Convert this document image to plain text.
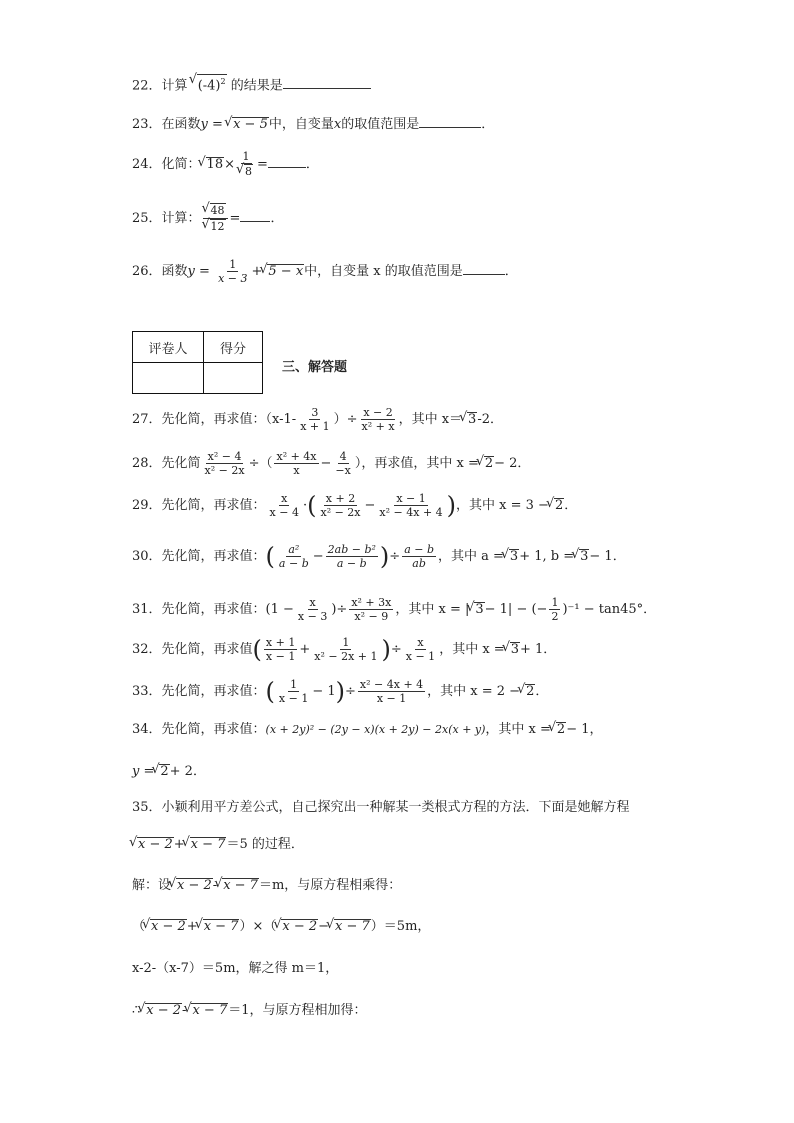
22．计算 √ $(-4)^2$ 的结果是
23．在函数y = √ x − 5中，自变量x的取值范围是	．
24．化简： √ 18× 1
√ 8 =	．
25．计算： √ 48
√ 12 = ．
26．函数$y = \frac{1}{x - 3}$ + √ 5 − x中，自变量 x 的取值范围是	．
评卷人	得分

三、解答题
27．先化简，再求值：（$x-1- \frac{3}{x + 1}$ ）÷ $\frac{x - 2}{\text{x² + x}}$ ，其中 x＝ √ 3-2．
28．先化简 $\frac{\text{x² − 4}}{\text{x² − 2x}}$ ÷（ $\frac{\text{x² + 4x}}{x} - \frac{4}{-x}$ ），再求值，其中 x = √ 2− 2．
29．先化简，再求值： $\frac{x}{x - 4}$ ·( $\frac{x + 2}{\text{x² − 2x}} - \frac{x - 1}{\text{x² − 4x + 4}}$ )，其中 x = 3 − √ 2．
30．先化简，再求值：( $\frac{\text{a²}}{a - b} - \frac{\text{2ab − b²}}{a - b}$ )÷ $\frac{a - b}{ab}$ ，其中 a = √ 3+ 1, b = √ 3− 1．
31．先化简，再求值：($1 - \frac{x}{x - 3}$ )÷ $\frac{\text{x² + 3x}}{\text{x² − 9}}$ ，其中 x = | √ 3− 1| − (− $\frac{1}{2} )^{-1} - \tan 45^\circ$．
32．先化简，再求值( $\frac{x + 1}{x - 1} + \frac{1}{\text{x² − 2x + 1}}$ )÷ $\frac{x}{x - 1}$ ，其中 x = √ 3+ 1．
33．先化简，再求值：( $\frac{1}{x - 1} - 1)\div \frac{\text{x² − 4x + 4}}{x - 1}$ ，其中 x = 2 − √ 2．
34．先化简，再求值：(x + 2y)² − (2y − x)(x + 2y) − 2x(x + y)，其中 x = √ 2− 1，
y = √ 2+ 2．
35．小颖利用平方差公式，自己探究出一种解某一类根式方程的方法．下面是她解方程
√ x − 2+ √ x − 7＝5 的过程．
解：设 √ x − 2- √ x − 7＝m，与原方程相乘得：
（ √ x − 2+ √ x − 7）×（ √ x − 2− √ x − 7）＝5m，
x-2-（x-7）＝5m，解之得 m＝1，
∴ √ x − 2- √ x − 7＝1，与原方程相加得：
